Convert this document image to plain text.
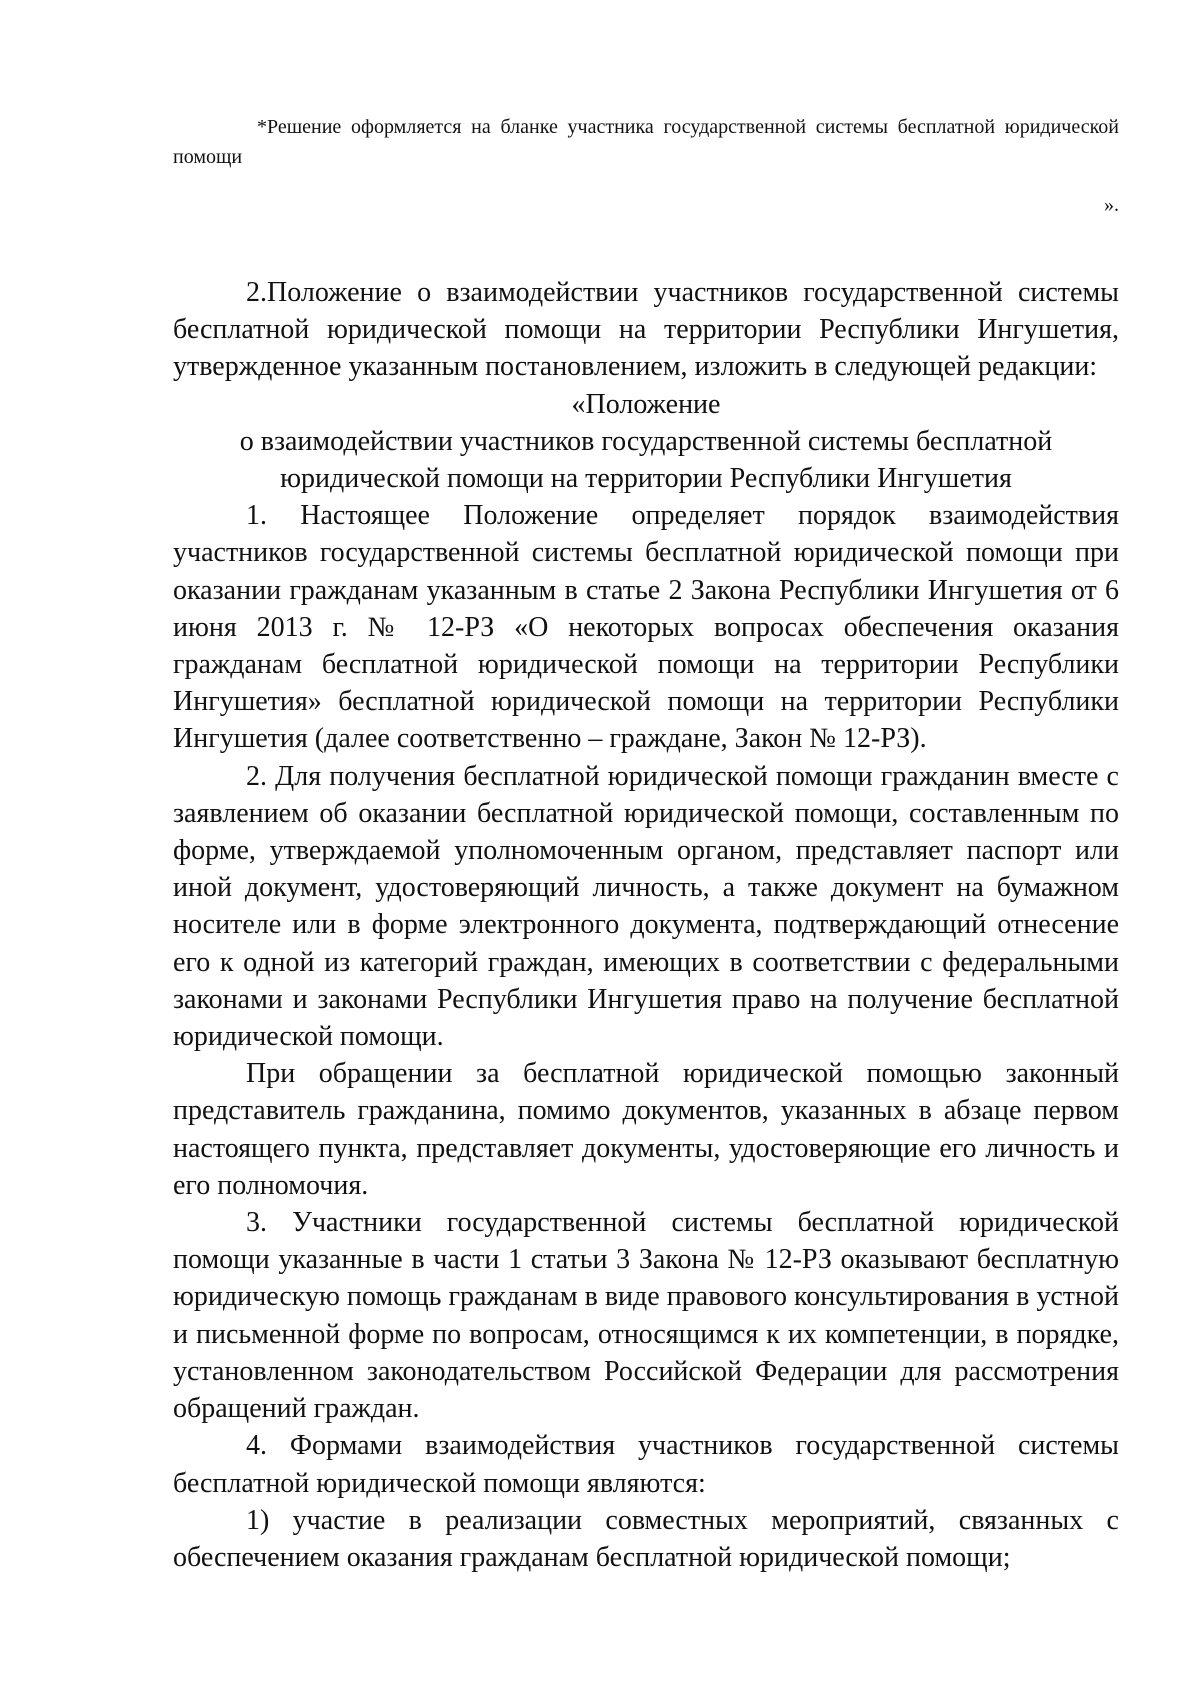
*Решение оформляется на бланке участника государственной системы бесплатной юридической помощи

».

2.Положение о взаимодействии участников государственной системы бесплатной юридической помощи на территории Республики Ингушетия, утвержденное указанным постановлением, изложить в следующей редакции:

«Положение

о взаимодействии участников государственной системы бесплатной юридической помощи на территории Республики Ингушетия

1. Настоящее Положение определяет порядок взаимодействия участников государственной системы бесплатной юридической помощи при оказании гражданам указанным в статье 2 Закона Республики Ингушетия от 6 июня 2013 г. № 12-РЗ «О некоторых вопросах обеспечения оказания гражданам бесплатной юридической помощи на территории Республики Ингушетия» бесплатной юридической помощи на территории Республики Ингушетия (далее соответственно – граждане, Закон № 12-РЗ).

2. Для получения бесплатной юридической помощи гражданин вместе с заявлением об оказании бесплатной юридической помощи, составленным по форме, утверждаемой уполномоченным органом, представляет паспорт или иной документ, удостоверяющий личность, а также документ на бумажном носителе или в форме электронного документа, подтверждающий отнесение его к одной из категорий граждан, имеющих в соответствии с федеральными законами и законами Республики Ингушетия право на получение бесплатной юридической помощи.

При обращении за бесплатной юридической помощью законный представитель гражданина, помимо документов, указанных в абзаце первом настоящего пункта, представляет документы, удостоверяющие его личность и его полномочия.

3. Участники государственной системы бесплатной юридической помощи указанные в части 1 статьи 3 Закона № 12-РЗ оказывают бесплатную юридическую помощь гражданам в виде правового консультирования в устной и письменной форме по вопросам, относящимся к их компетенции, в порядке, установленном законодательством Российской Федерации для рассмотрения обращений граждан.

4. Формами взаимодействия участников государственной системы бесплатной юридической помощи являются:

1) участие в реализации совместных мероприятий, связанных с обеспечением оказания гражданам бесплатной юридической помощи;
